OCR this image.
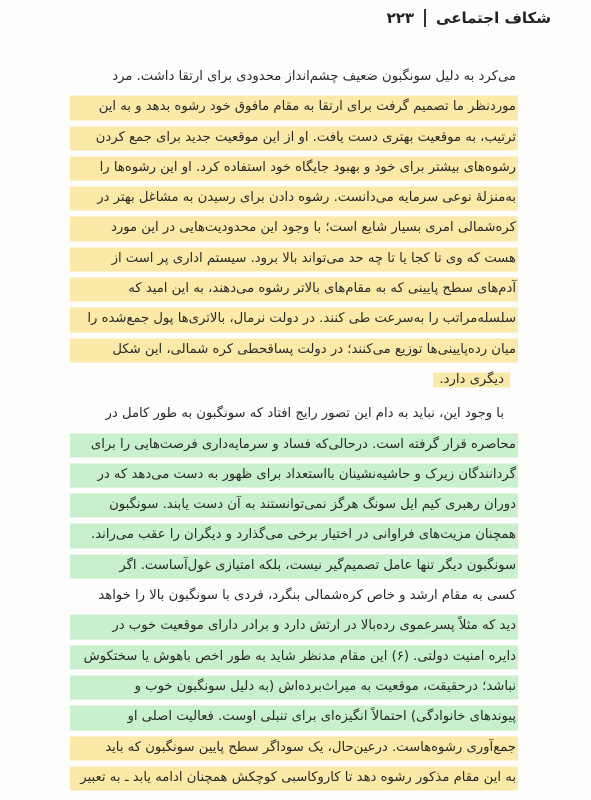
شکاف اجتماعی
۲۲۳
می‌کرد به دلیل سونگبون ضعیف چشم‌انداز محدودی برای ارتقا داشت. مرد
موردنظر ما تصمیم گرفت برای ارتقا به مقام مافوق خود رشوه بدهد و به این
ترتیب، به موقعیت بهتری دست یافت. او از این موقعیت جدید برای جمع کردن
رشوه‌های بیشتر برای خود و بهبود جایگاه خود استفاده کرد. او این رشوه‌ها را
به‌منزلهٔ نوعی سرمایه می‌دانست. رشوه دادن برای رسیدن به مشاغل بهتر در
کره‌شمالی امری بسیار شایع است؛ با وجود این محدودیت‌هایی در این مورد
هست که وی تا کجا یا تا چه حد می‌تواند بالا برود. سیستم اداری پر است از
آدم‌های سطح پایینی که به مقام‌های بالاتر رشوه می‌دهند، به این امید که
سلسله‌مراتب را به‌سرعت طی کنند. در دولت نرمال، بالاتری‌ها پول جمع‌شده را
میان رده‌پایینی‌ها توزیع می‌کنند؛ در دولت پساقحطی کره شمالی، این شکل
دیگری دارد.
با وجود این، نباید به دام این تصور رایج افتاد که سونگبون به طور کامل در
محاصره قرار گرفته است. درحالی‌که فساد و سرمایه‌داری فرصت‌هایی را برای
گردانندگان زیرک و حاشیه‌نشینان بااستعداد برای ظهور به دست می‌دهد که در
دوران رهبری کیم ایل سونگ هرگز نمی‌توانستند به آن دست یابند. سونگبون
همچنان مزیت‌های فراوانی در اختیار برخی می‌گذارد و دیگران را عقب می‌راند.
سونگبون دیگر تنها عامل تصمیم‌گیر نیست، بلکه امتیازی غول‌آساست. اگر
کسی به مقام ارشد و خاص کره‌شمالی بنگرد، فردی با سونگبون بالا را خواهد
دید که مثلاً پسرعموی رده‌بالا در ارتش دارد و برادر دارای موقعیت خوب در
دایره امنیت دولتی. (۶) این مقام مدنظر شاید به طور اخص باهوش یا سختکوش
نباشد؛ درحقیقت، موقعیت به میراث‌برده‌اش (به دلیل سونگبون خوب و
پیوندهای خانوادگی) احتمالاً انگیزه‌ای برای تنبلی اوست. فعالیت اصلی او
جمع‌آوری رشوه‌هاست. درعین‌حال، یک سوداگر سطح پایین سونگبون که باید
به این مقام مذکور رشوه دهد تا کاروکاسبی کوچکش همچنان ادامه یابد ـ به تعبیر
